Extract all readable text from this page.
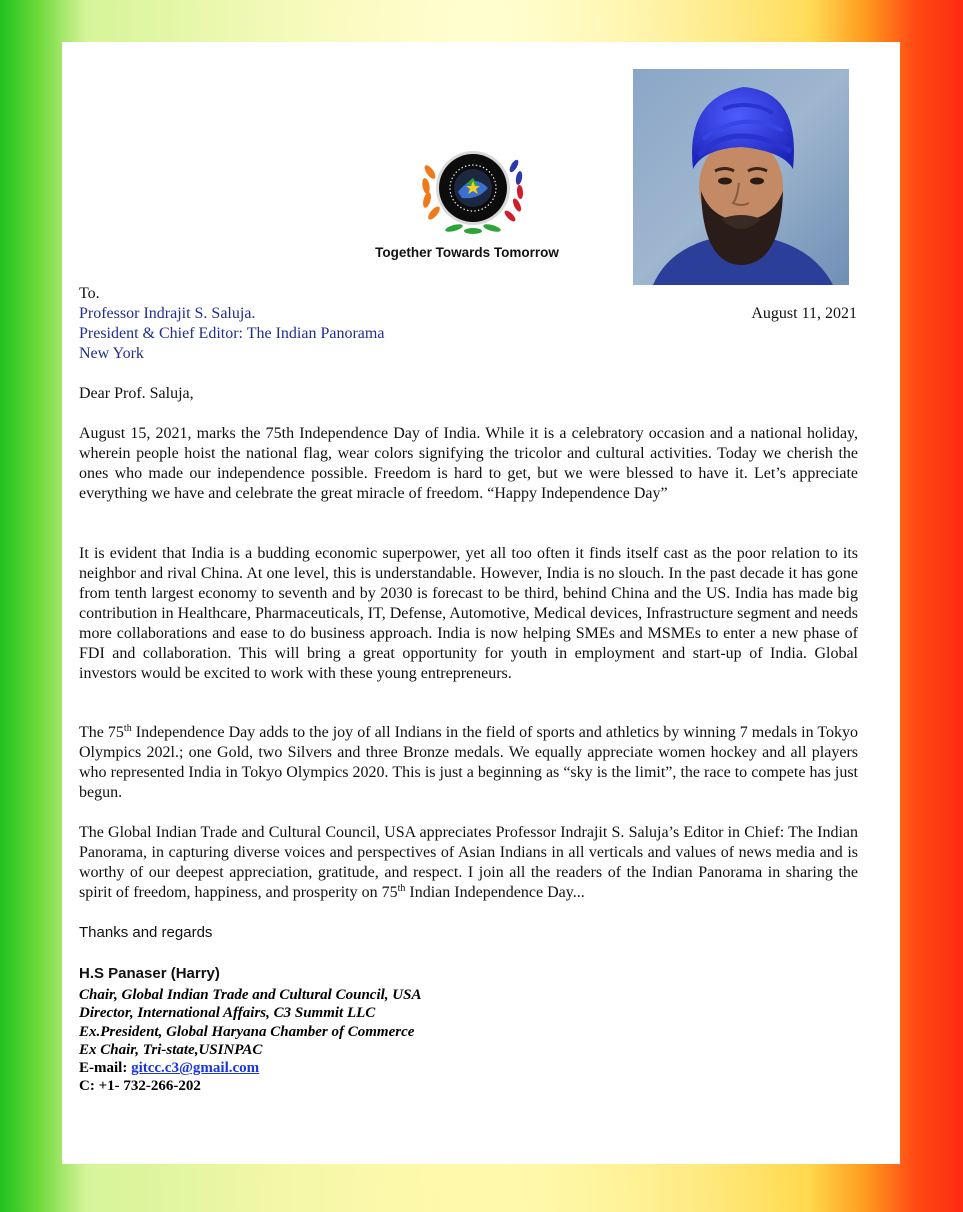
Together Towards Tomorrow
To.
Professor Indrajit S. Saluja.
President & Chief Editor: The Indian Panorama
New York
August 11, 2021
Dear Prof. Saluja,
August 15, 2021, marks the 75th Independence Day of India. While it is a celebratory occasion and a national holiday, wherein people hoist the national flag, wear colors signifying the tricolor and cultural activities. Today we cherish the ones who made our independence possible. Freedom is hard to get, but we were blessed to have it. Let’s appreciate everything we have and celebrate the great miracle of freedom. “Happy Independence Day”
It is evident that India is a budding economic superpower, yet all too often it finds itself cast as the poor relation to its neighbor and rival China. At one level, this is understandable. However, India is no slouch. In the past decade it has gone from tenth largest economy to seventh and by 2030 is forecast to be third, behind China and the US. India has made big contribution in Healthcare, Pharmaceuticals, IT, Defense, Automotive, Medical devices, Infrastructure segment and needs more collaborations and ease to do business approach. India is now helping SMEs and MSMEs to enter a new phase of FDI and collaboration. This will bring a great opportunity for youth in employment and start-up of India. Global investors would be excited to work with these young entrepreneurs.
The 75th Independence Day adds to the joy of all Indians in the field of sports and athletics by winning 7 medals in Tokyo Olympics 202l.; one Gold, two Silvers and three Bronze medals. We equally appreciate women hockey and all players who represented India in Tokyo Olympics 2020. This is just a beginning as “sky is the limit”, the race to compete has just begun.
The Global Indian Trade and Cultural Council, USA appreciates Professor Indrajit S. Saluja’s Editor in Chief: The Indian Panorama, in capturing diverse voices and perspectives of Asian Indians in all verticals and values of news media and is worthy of our deepest appreciation, gratitude, and respect. I join all the readers of the Indian Panorama in sharing the spirit of freedom, happiness, and prosperity on 75th Indian Independence Day...
Thanks and regards
H.S Panaser (Harry)
Chair, Global Indian Trade and Cultural Council, USA
Director, International Affairs, C3 Summit LLC
Ex.President, Global Haryana Chamber of Commerce
Ex Chair, Tri-state,USINPAC
E-mail: gitcc.c3@gmail.com
C: +1- 732-266-202
